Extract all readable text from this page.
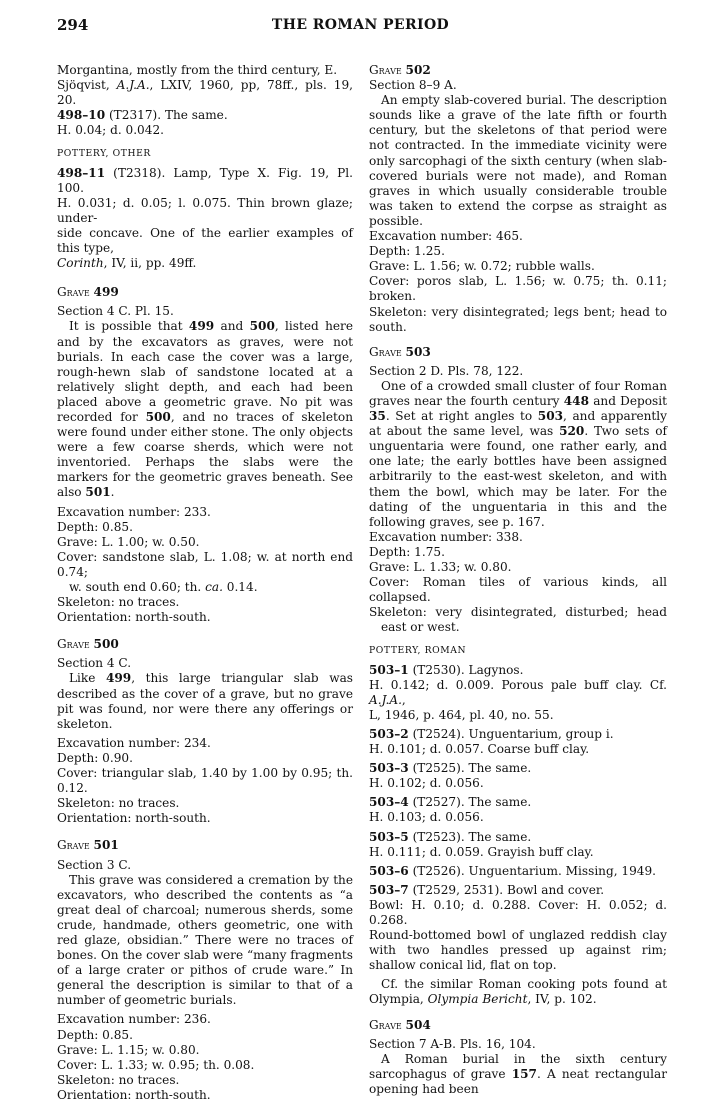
294	THE ROMAN PERIOD
Morgantina, mostly from the third century, E.
Sjöqvist, A.J.A., LXIV, 1960, pp, 78ff., pls. 19, 20.
498–10 (T2317). The same.
H. 0.04; d. 0.042.
POTTERY, OTHER
498–11 (T2318). Lamp, Type X. Fig. 19, Pl. 100.
H. 0.031; d. 0.05; l. 0.075. Thin brown glaze; under-
side concave. One of the earlier examples of this type,
Corinth, IV, ii, pp. 49ff.
Grave 499
Section 4 C. Pl. 15.
It is possible that 499 and 500, listed here and by the excavators as graves, were not burials. In each case the cover was a large, rough-hewn slab of sandstone located at a relatively slight depth, and each had been placed above a geometric grave. No pit was recorded for 500, and no traces of skeleton were found under either stone. The only objects were a few coarse sherds, which were not inventoried. Perhaps the slabs were the markers for the geometric graves beneath. See also 501.
Excavation number: 233.
Depth: 0.85.
Grave: L. 1.00; w. 0.50.
Cover: sandstone slab, L. 1.08; w. at north end 0.74;
w. south end 0.60; th. ca. 0.14.
Skeleton: no traces.
Orientation: north-south.
Grave 500
Section 4 C.
Like 499, this large triangular slab was described as the cover of a grave, but no grave pit was found, nor were there any offerings or skeleton.
Excavation number: 234.
Depth: 0.90.
Cover: triangular slab, 1.40 by 1.00 by 0.95; th. 0.12.
Skeleton: no traces.
Orientation: north-south.
Grave 501
Section 3 C.
This grave was considered a cremation by the excavators, who described the contents as “a great deal of charcoal; numerous sherds, some crude, handmade, others geometric, one with red glaze, obsidian.” There were no traces of bones. On the cover slab were “many fragments of a large crater or pithos of crude ware.” In general the description is similar to that of a number of geometric burials.
Excavation number: 236.
Depth: 0.85.
Grave: L. 1.15; w. 0.80.
Cover: L. 1.33; w. 0.95; th. 0.08.
Skeleton: no traces.
Orientation: north-south.
Grave 502
Section 8–9 A.
An empty slab-covered burial. The description sounds like a grave of the late fifth or fourth century, but the skeletons of that period were not contracted. In the immediate vicinity were only sarcophagi of the sixth century (when slab-covered burials were not made), and Roman graves in which usually considerable trouble was taken to extend the corpse as straight as possible.
Excavation number: 465.
Depth: 1.25.
Grave: L. 1.56; w. 0.72; rubble walls.
Cover: poros slab, L. 1.56; w. 0.75; th. 0.11; broken.
Skeleton: very disintegrated; legs bent; head to south.
Grave 503
Section 2 D. Pls. 78, 122.
One of a crowded small cluster of four Roman graves near the fourth century 448 and Deposit 35. Set at right angles to 503, and apparently at about the same level, was 520. Two sets of unguentaria were found, one rather early, and one late; the early bottles have been assigned arbitrarily to the east-west skeleton, and with them the bowl, which may be later. For the dating of the unguentaria in this and the following graves, see p. 167.
Excavation number: 338.
Depth: 1.75.
Grave: L. 1.33; w. 0.80.
Cover: Roman tiles of various kinds, all collapsed.
Skeleton: very disintegrated, disturbed; head east or west.
POTTERY, ROMAN
503–1 (T2530). Lagynos.
H. 0.142; d. 0.009. Porous pale buff clay. Cf. A.J.A.,
L, 1946, p. 464, pl. 40, no. 55.
503–2 (T2524). Unguentarium, group i.
H. 0.101; d. 0.057. Coarse buff clay.
503–3 (T2525). The same.
H. 0.102; d. 0.056.
503–4 (T2527). The same.
H. 0.103; d. 0.056.
503–5 (T2523). The same.
H. 0.111; d. 0.059. Grayish buff clay.
503–6 (T2526). Unguentarium. Missing, 1949.
503–7 (T2529, 2531). Bowl and cover.
Bowl: H. 0.10; d. 0.288. Cover: H. 0.052; d. 0.268.
Round-bottomed bowl of unglazed reddish clay with two handles pressed up against rim; shallow conical lid, flat on top.
Cf. the similar Roman cooking pots found at Olympia, Olympia Bericht, IV, p. 102.
Grave 504
Section 7 A-B. Pls. 16, 104.
A Roman burial in the sixth century sarcophagus of grave 157. A neat rectangular opening had been
